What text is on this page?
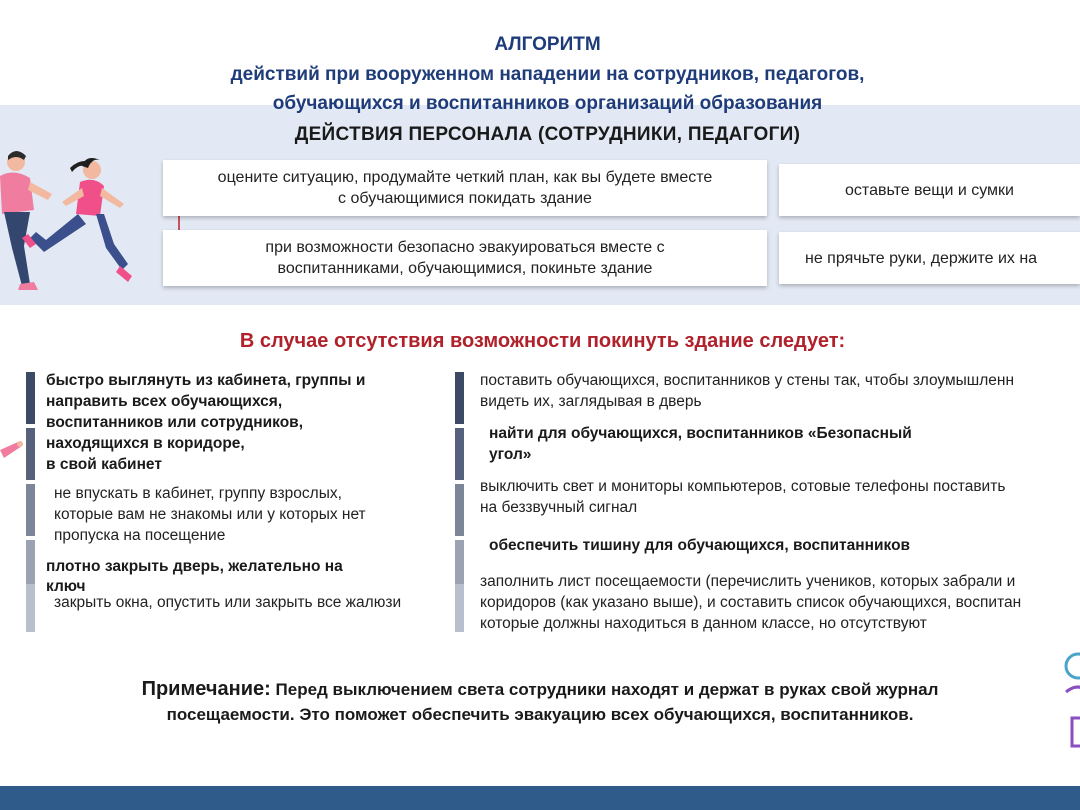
АЛГОРИТМ
действий при вооруженном нападении на сотрудников, педагогов,
обучающихся и воспитанников организаций образования
ДЕЙСТВИЯ ПЕРСОНАЛА (СОТРУДНИКИ, ПЕДАГОГИ)
оцените ситуацию, продумайте четкий план, как вы будете вместе
с обучающимися покидать здание
при возможности безопасно эвакуироваться вместе с
воспитанниками, обучающимися, покиньте здание
оставьте вещи и сумки
не прячьте руки, держите их на
В случае отсутствия возможности покинуть здание следует:
быстро выглянуть из кабинета, группы и
направить всех обучающихся,
воспитанников или сотрудников,
находящихся в коридоре,
в свой кабинет
не впускать в кабинет, группу взрослых,
которые вам не знакомы или у которых нет
пропуска на посещение
плотно закрыть дверь, желательно на
ключ
закрыть окна, опустить или закрыть все жалюзи
поставить обучающихся, воспитанников у стены так, чтобы злоумышленн
видеть их, заглядывая в дверь
найти для обучающихся, воспитанников «Безопасный
угол»
выключить свет и мониторы компьютеров, сотовые телефоны поставить
на беззвучный сигнал
обеспечить тишину для обучающихся, воспитанников
заполнить лист посещаемости (перечислить учеников, которых забрали и
коридоров (как указано выше), и составить список обучающихся, воспитан
которые должны находиться в данном классе, но отсутствуют
Примечание: Перед выключением света сотрудники находят и держат в руках свой журнал
посещаемости. Это поможет обеспечить эвакуацию всех обучающихся, воспитанников.
